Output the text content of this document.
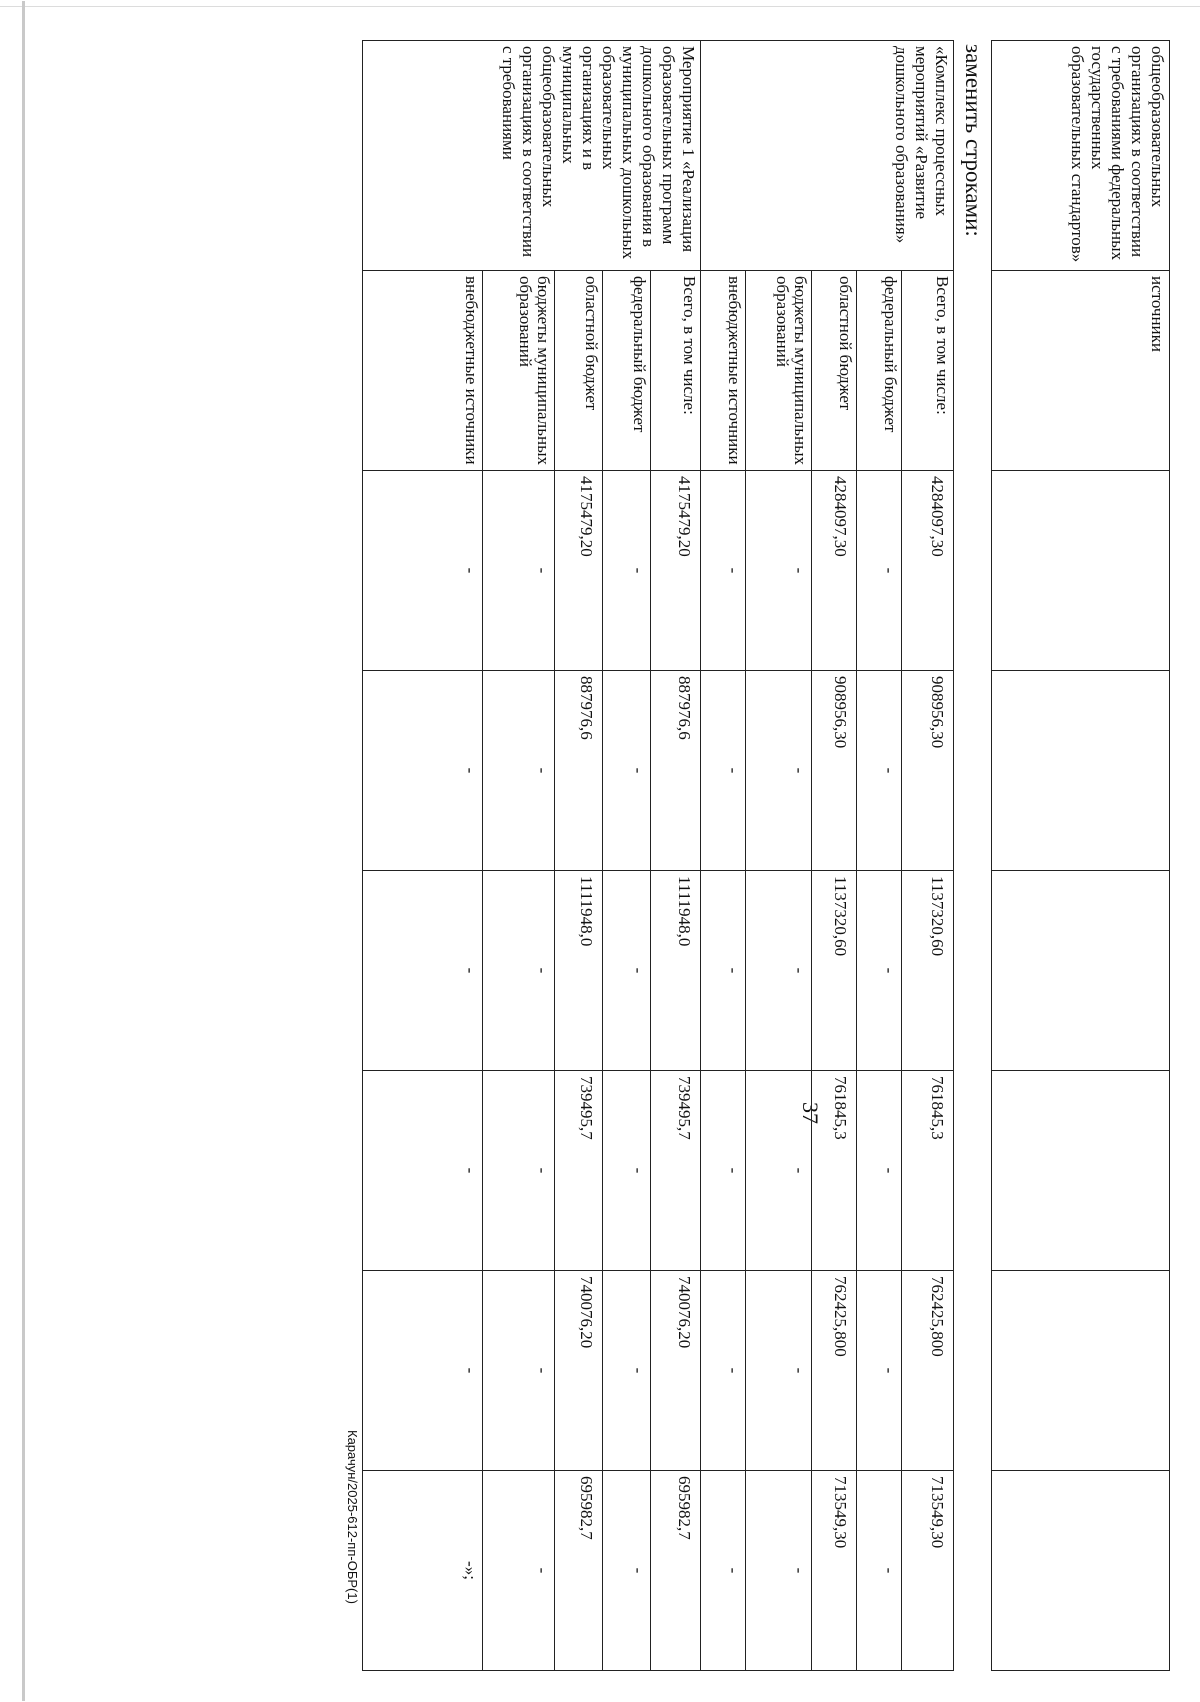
37
общеобразовательных организациях в соответствии с требованиями федеральных государственных образовательных стандартов»	источники						
заменить строками:
«Комплекс процессных мероприятий «Развитие дошкольного образования»	Всего, в том числе:	4284097,30	908956,30	1137320,60	761845,3	762425,800	713549,30
	федеральный бюджет	-	-	-	-	-	-
	областной бюджет	4284097,30	908956,30	1137320,60	761845,3	762425,800	713549,30
	бюджеты муниципальных образований	-	-	-	-	-	-
	внебюджетные источники	-	-	-	-	-	-
Мероприятие 1 «Реализация образовательных программ дошкольного образования в муниципальных дошкольных образовательных организациях и в муниципальных общеобразовательных организациях в соответствии с требованиями	Всего, в том числе:	4175479,20	887976,6	1111948,0	739495,7	740076,20	695982,7
	федеральный бюджет	-	-	-	-	-	-
	областной бюджет	4175479,20	887976,6	1111948,0	739495,7	740076,20	695982,7
	бюджеты муниципальных образований	-	-	-	-	-	-
	внебюджетные источники	-	-	-	-	-	-»;
Карачун/2025-612-пп-ОБР(1)
